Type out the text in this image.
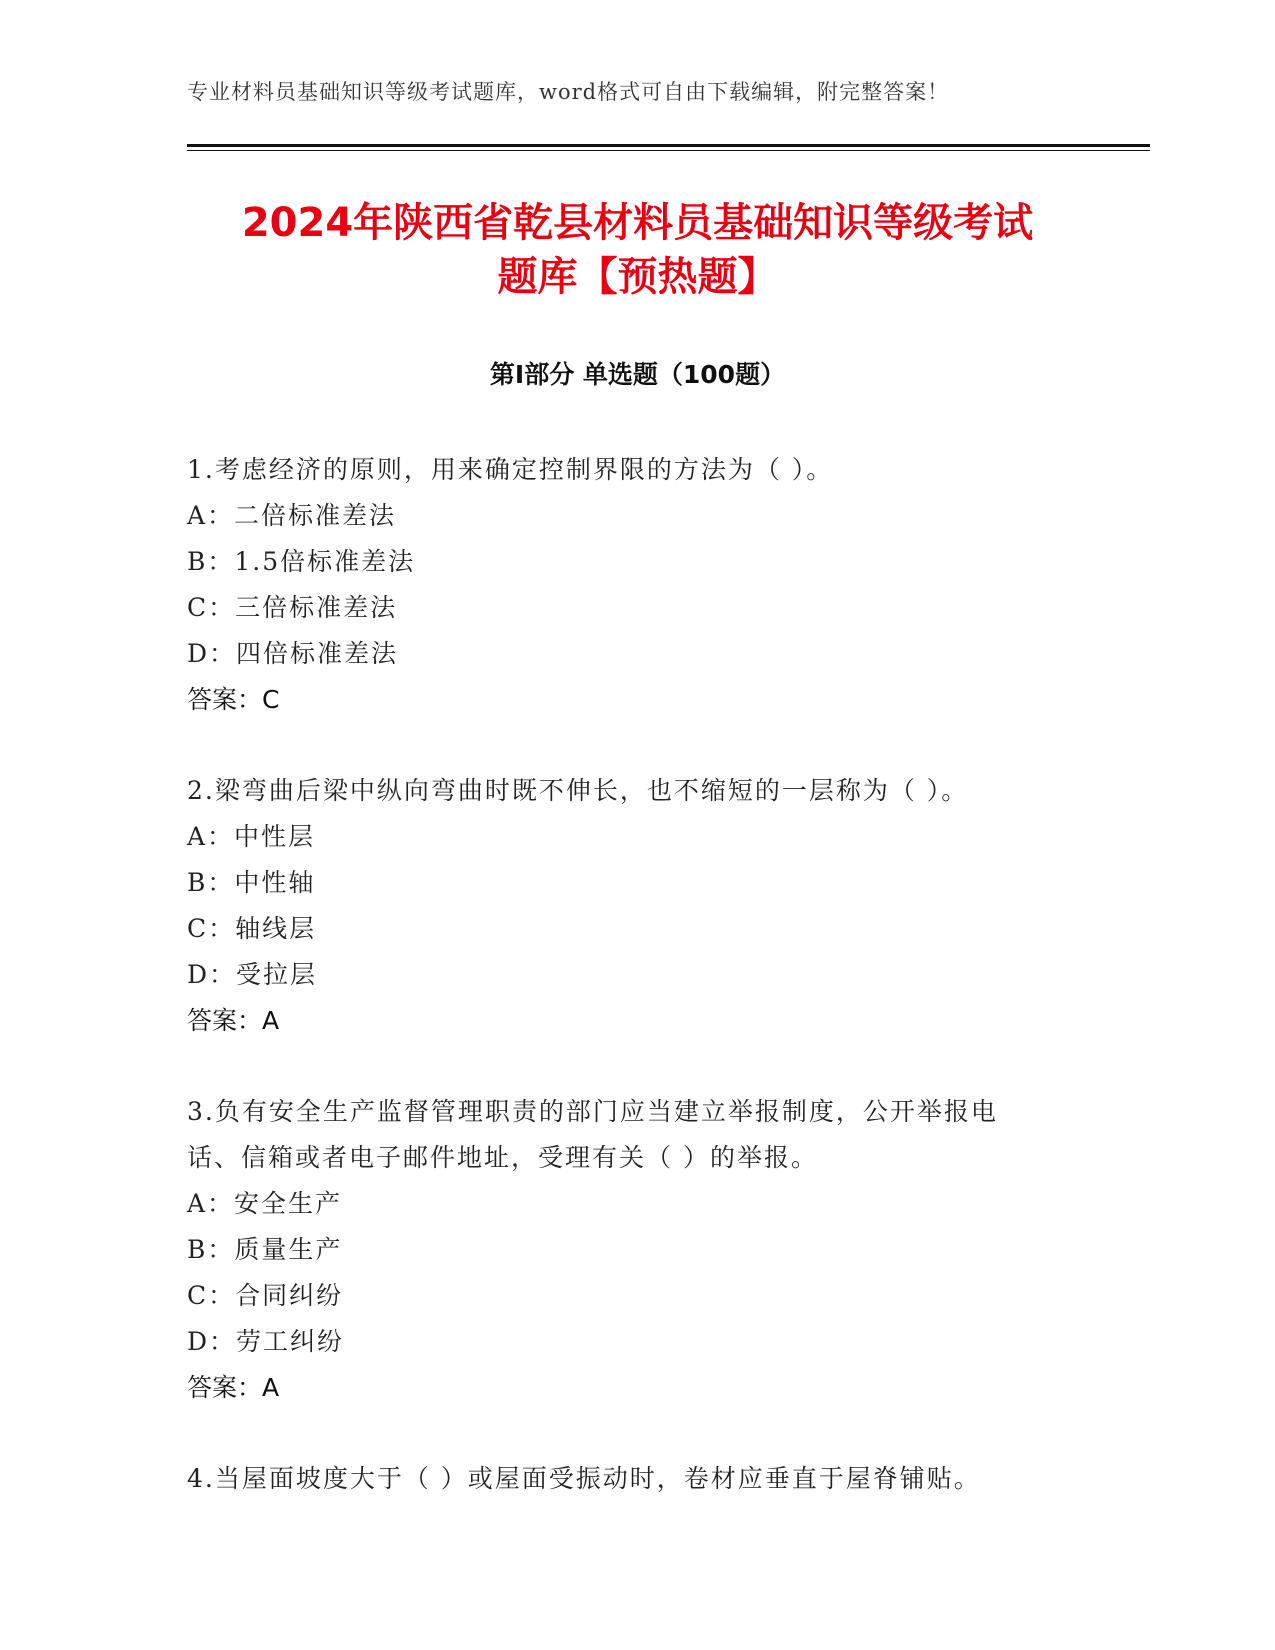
专业材料员基础知识等级考试题库，word格式可自由下载编辑，附完整答案！
2024年陕西省乾县材料员基础知识等级考试
题库【预热题】
第Ⅰ部分 单选题（100题）

1.考虑经济的原则，用来确定控制界限的方法为（ ）。

A：二倍标准差法

B：1.5倍标准差法

C：三倍标准差法

D：四倍标准差法

答案：C

2.梁弯曲后梁中纵向弯曲时既不伸长，也不缩短的一层称为（ ）。

A：中性层

B：中性轴

C：轴线层

D：受拉层

答案：A

3.负有安全生产监督管理职责的部门应当建立举报制度，公开举报电

话、信箱或者电子邮件地址，受理有关（ ）的举报。

A：安全生产

B：质量生产

C：合同纠纷

D：劳工纠纷

答案：A

4.当屋面坡度大于（ ）或屋面受振动时，卷材应垂直于屋脊铺贴。
